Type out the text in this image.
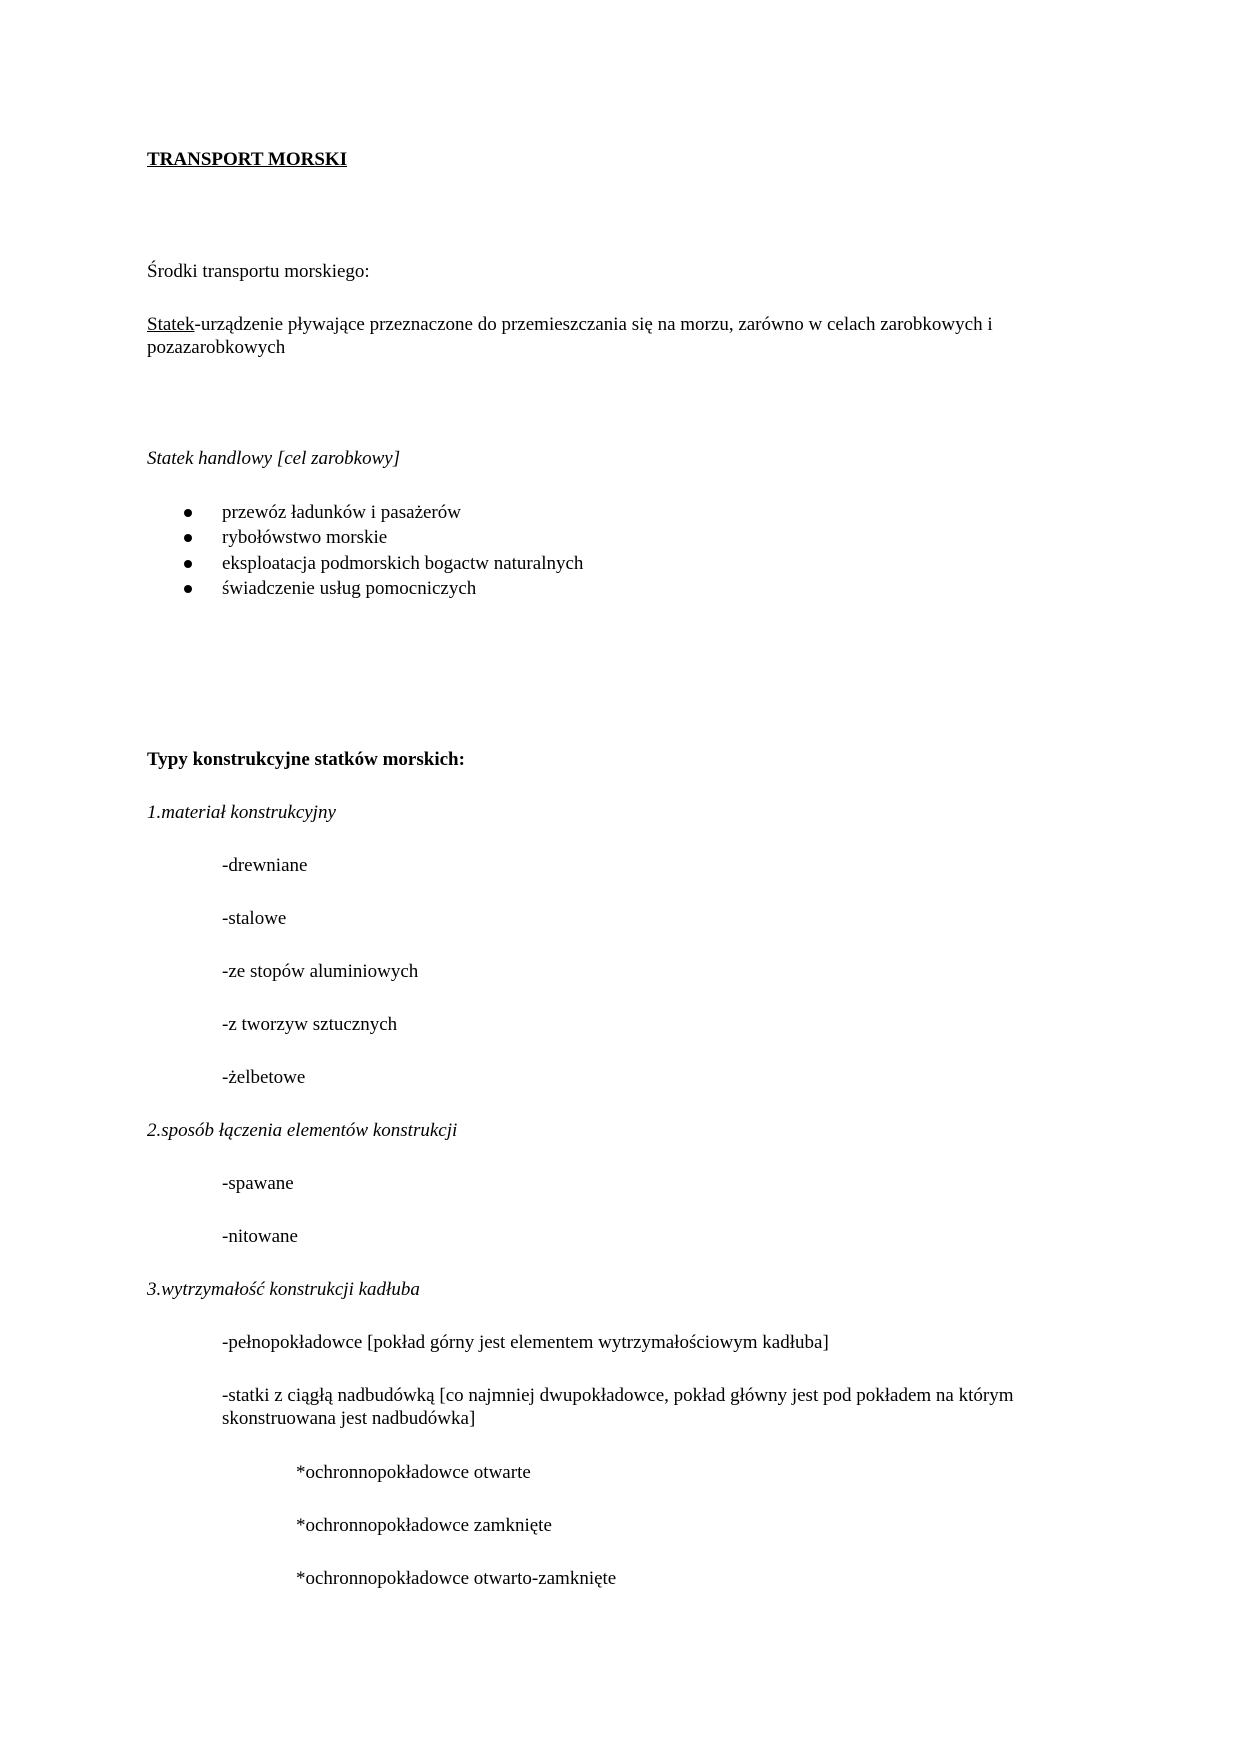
TRANSPORT MORSKI
Środki transportu morskiego:
Statek-urządzenie pływające przeznaczone do przemieszczania się na morzu, zarówno w celach zarobkowych i pozazarobkowych
Statek handlowy [cel zarobkowy]
przewóz ładunków i pasażerów
rybołówstwo morskie
eksploatacja podmorskich bogactw naturalnych
świadczenie usług pomocniczych
Typy konstrukcyjne statków morskich:
1.materiał konstrukcyjny
-drewniane
-stalowe
-ze stopów aluminiowych
-z tworzyw sztucznych
-żelbetowe
2.sposób łączenia elementów konstrukcji
-spawane
-nitowane
3.wytrzymałość konstrukcji kadłuba
-pełnopokładowce [pokład górny jest elementem wytrzymałościowym kadłuba]
-statki z ciągłą nadbudówką [co najmniej dwupokładowce, pokład główny jest pod pokładem na którym skonstruowana jest nadbudówka]
*ochronnopokładowce otwarte
*ochronnopokładowce zamknięte
*ochronnopokładowce otwarto-zamknięte
